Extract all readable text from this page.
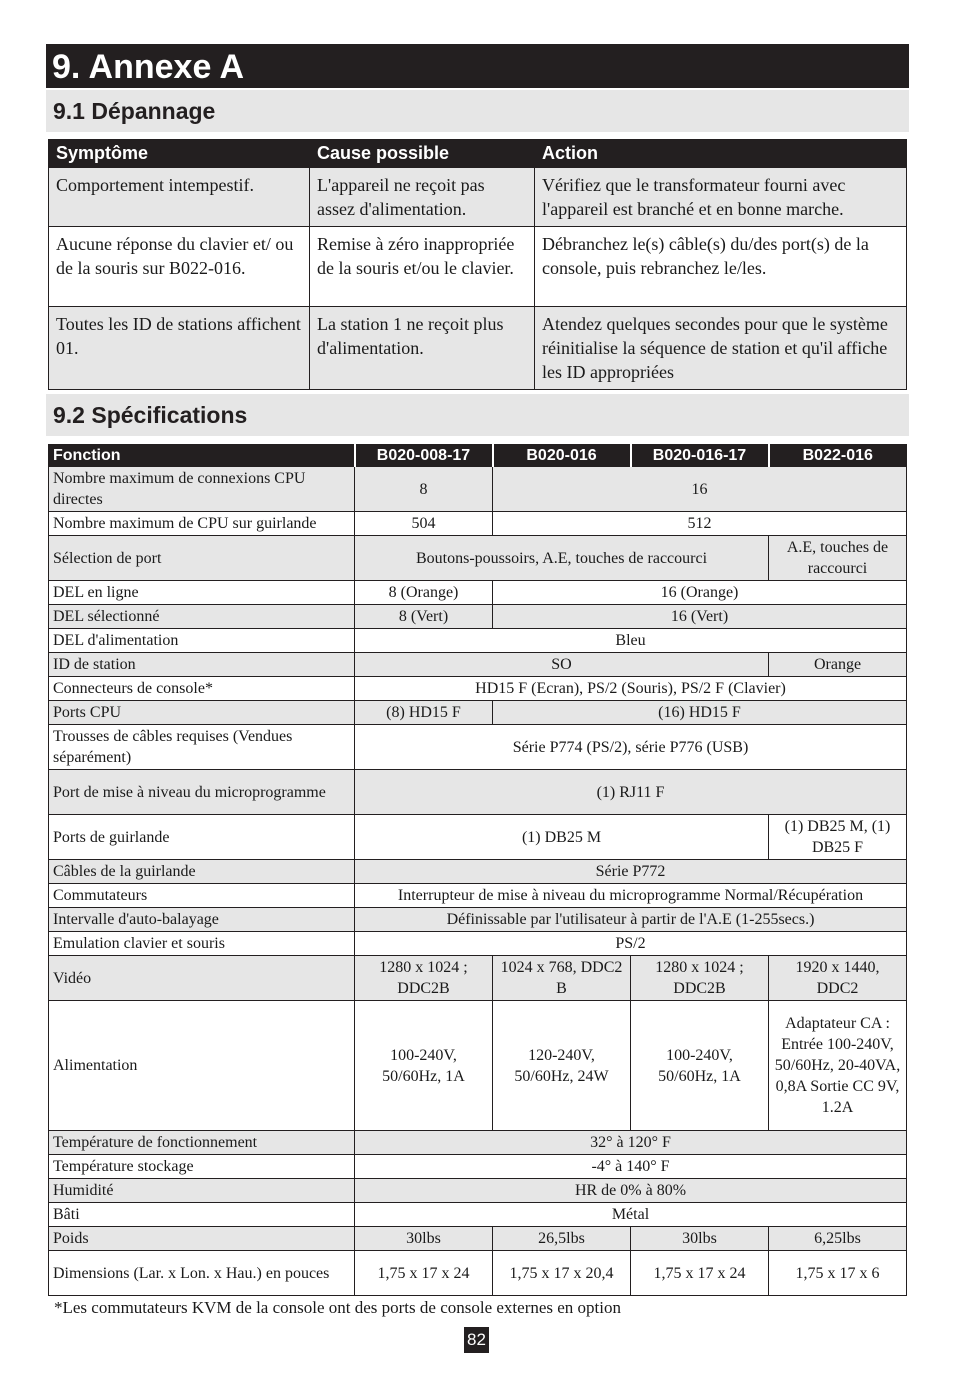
9. Annexe A
9.1 Dépannage
Symptôme	Cause possible	Action
Comportement intempestif.	L'appareil ne reçoit pas assez d'alimentation.	Vérifiez que le transformateur fourni avec l'appareil est branché et en bonne marche.
Aucune réponse du clavier et/ ou de la souris sur B022-016.	Remise à zéro inappropriée de la souris et/ou le clavier.	Débranchez le(s) câble(s) du/des port(s) de la console, puis rebranchez le/les.
Toutes les ID de stations affichent 01.	La station 1 ne reçoit plus d'alimentation.	Atendez quelques secondes pour que le système réinitialise la séquence de station et qu'il affiche les ID appropriées
9.2 Spécifications
Fonction	B020-008-17	B020-016	B020-016-17	B022-016
Nombre maximum de connexions CPU directes	8	16		
Nombre maximum de CPU sur guirlande	504	512		
Sélection de port	Boutons-poussoirs, A.E, touches de raccourci			A.E, touches de raccourci
DEL en ligne	8 (Orange)	16 (Orange)		
DEL sélectionné	8 (Vert)	16 (Vert)		
DEL d'alimentation	Bleu			
ID de station	SO			Orange
Connecteurs de console*	HD15 F (Ecran), PS/2 (Souris), PS/2 F (Clavier)			
Ports CPU	(8) HD15 F	(16) HD15 F		
Trousses de câbles requises (Vendues séparément)	Série P774 (PS/2), série P776 (USB)			
Port de mise à niveau du microprogramme	(1) RJ11 F			
Ports de guirlande	(1) DB25 M			(1) DB25 M, (1) DB25 F
Câbles de la guirlande	Série P772			
Commutateurs	Interrupteur de mise à niveau du microprogramme Normal/Récupération			
Intervalle d'auto-balayage	Définissable par l'utilisateur à partir de l'A.E (1-255secs.)			
Emulation clavier et souris	PS/2			
Vidéo	1280 x 1024 ; DDC2B	1024 x 768, DDC2 B	1280 x 1024 ; DDC2B	1920 x 1440, DDC2
Alimentation	100-240V, 50/60Hz, 1A	120-240V, 50/60Hz, 24W	100-240V, 50/60Hz, 1A	Adaptateur CA : Entrée 100-240V, 50/60Hz, 20-40VA, 0,8A Sortie CC 9V, 1.2A
Température de fonctionnement	32° à 120° F			
Température stockage	-4° à 140° F			
Humidité	HR de 0% à 80%			
Bâti	Métal			
Poids	30lbs	26,5lbs	30lbs	6,25lbs
Dimensions (Lar. x Lon. x Hau.) en pouces	1,75 x 17 x 24	1,75 x 17 x 20,4	1,75 x 17 x 24	1,75 x 17 x 6
*Les commutateurs KVM de la console ont des ports de console externes en option
82
